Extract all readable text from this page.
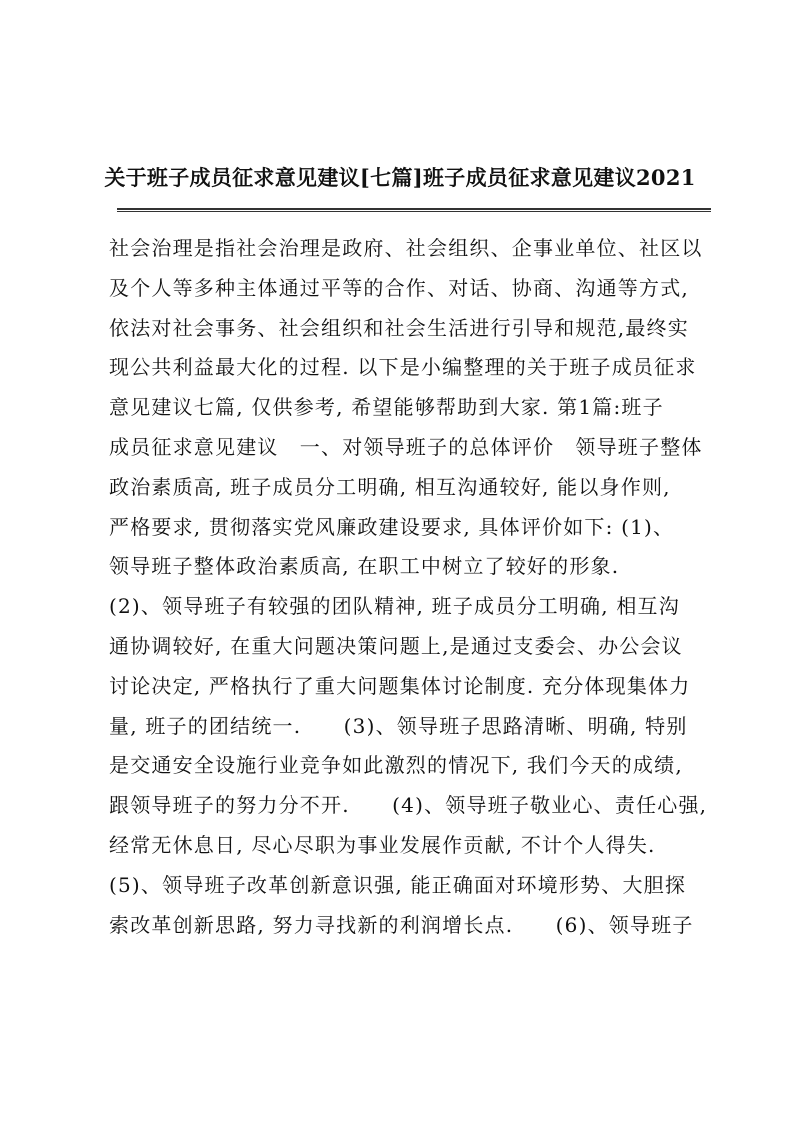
关于班子成员征求意见建议[七篇]班子成员征求意见建议2021
社会治理是指社会治理是政府、社会组织、企事业单位、社区以
及个人等多种主体通过平等的合作、对话、协商、沟通等方式,
依法对社会事务、社会组织和社会生活进行引导和规范,最终实
现公共利益最大化的过程. 以下是小编整理的关于班子成员征求
意见建议七篇, 仅供参考, 希望能够帮助到大家. 第1篇:班子
成员征求意见建议　一、对领导班子的总体评价　领导班子整体
政治素质高, 班子成员分工明确, 相互沟通较好, 能以身作则,
严格要求, 贯彻落实党风廉政建设要求, 具体评价如下: (1)、
领导班子整体政治素质高, 在职工中树立了较好的形象.
(2)、领导班子有较强的团队精神, 班子成员分工明确, 相互沟
通协调较好, 在重大问题决策问题上,是通过支委会、办公会议
讨论决定, 严格执行了重大问题集体讨论制度. 充分体现集体力
量, 班子的团结统一.　　(3)、领导班子思路清晰、明确, 特别
是交通安全设施行业竞争如此激烈的情况下, 我们今天的成绩,
跟领导班子的努力分不开.　　(4)、领导班子敬业心、责任心强,
经常无休息日, 尽心尽职为事业发展作贡献, 不计个人得失.
(5)、领导班子改革创新意识强, 能正确面对环境形势、大胆探
索改革创新思路, 努力寻找新的利润增长点.　　(6)、领导班子
